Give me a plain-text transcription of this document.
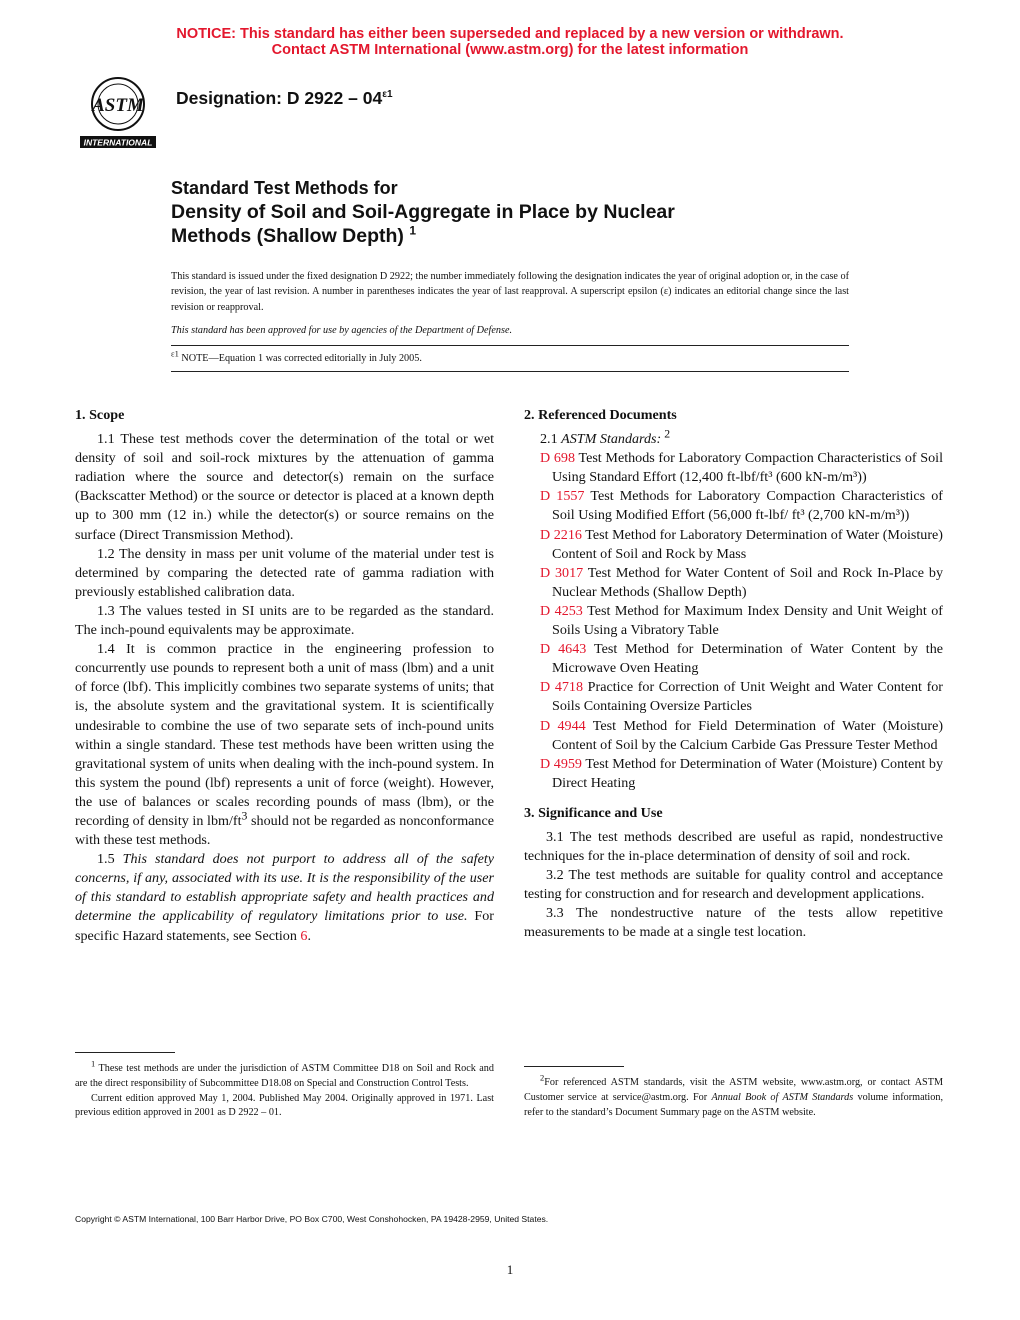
NOTICE: This standard has either been superseded and replaced by a new version or withdrawn.
Contact ASTM International (www.astm.org) for the latest information
ASTM
INTERNATIONAL
Designation: D $2922 - 04^{\varepsilon 1}$
Standard Test Methods for
Density of Soil and Soil-Aggregate in Place by Nuclear
Methods (Shallow Depth) $^1$
This standard is issued under the fixed designation D 2922; the number immediately following the designation indicates the year of original adoption or, in the case of revision, the year of last revision. A number in parentheses indicates the year of last reapproval. A superscript epsilon (ε) indicates an editorial change since the last revision or reapproval.
This standard has been approved for use by agencies of the Department of Defense.
$^{\varepsilon 1}$ NOTE—Equation 1 was corrected editorially in July 2005.

1. Scope

1.1 These test methods cover the determination of the total or wet density of soil and soil-rock mixtures by the attenuation of gamma radiation where the source and detector(s) remain on the surface (Backscatter Method) or the source or detector is placed at a known depth up to 300 mm (12 in.) while the detector(s) or source remains on the surface (Direct Transmission Method).

1.2 The density in mass per unit volume of the material under test is determined by comparing the detected rate of gamma radiation with previously established calibration data.

1.3 The values tested in SI units are to be regarded as the standard. The inch-pound equivalents may be approximate.

1.4 It is common practice in the engineering profession to concurrently use pounds to represent both a unit of mass (lbm) and a unit of force (lbf). This implicitly combines two separate systems of units; that is, the absolute system and the gravitational system. It is scientifically undesirable to combine the use of two separate sets of inch-pound units within a single standard. These test methods have been written using the gravitational system of units when dealing with the inch-pound system. In this system the pound (lbf) represents a unit of force (weight). However, the use of balances or scales recording pounds of mass (lbm), or the recording of density in lbm/$ft^3$ should not be regarded as nonconformance with these test methods.

1.5 This standard does not purport to address all of the safety concerns, if any, associated with its use. It is the responsibility of the user of this standard to establish appropriate safety and health practices and determine the applicability of regulatory limitations prior to use. For specific Hazard statements, see Section 6.

2. Referenced Documents

2.1 ASTM Standards: $^2$

D 698 Test Methods for Laboratory Compaction Characteristics of Soil Using Standard Effort (12,400 ft-lbf/ft³ (600 kN-m/m³))

D 1557 Test Methods for Laboratory Compaction Characteristics of Soil Using Modified Effort (56,000 ft-lbf/ ft³ (2,700 kN-m/m³))

D 2216 Test Method for Laboratory Determination of Water (Moisture) Content of Soil and Rock by Mass

D 3017 Test Method for Water Content of Soil and Rock In-Place by Nuclear Methods (Shallow Depth)

D 4253 Test Method for Maximum Index Density and Unit Weight of Soils Using a Vibratory Table

D 4643 Test Method for Determination of Water Content by the Microwave Oven Heating

D 4718 Practice for Correction of Unit Weight and Water Content for Soils Containing Oversize Particles

D 4944 Test Method for Field Determination of Water (Moisture) Content of Soil by the Calcium Carbide Gas Pressure Tester Method

D 4959 Test Method for Determination of Water (Moisture) Content by Direct Heating

3. Significance and Use

3.1 The test methods described are useful as rapid, nondestructive techniques for the in-place determination of density of soil and rock.

3.2 The test methods are suitable for quality control and acceptance testing for construction and for research and development applications.

3.3 The nondestructive nature of the tests allow repetitive measurements to be made at a single test location.

$^1$ These test methods are under the jurisdiction of ASTM Committee D18 on Soil and Rock and are the direct responsibility of Subcommittee D18.08 on Special and Construction Control Tests.
Current edition approved May 1, 2004. Published May 2004. Originally approved in 1971. Last previous edition approved in 2001 as D 2922 – 01.
$^2$For referenced ASTM standards, visit the ASTM website, www.astm.org, or contact ASTM Customer service at service@astm.org. For Annual Book of ASTM Standards volume information, refer to the standard’s Document Summary page on the ASTM website.
Copyright © ASTM International, 100 Barr Harbor Drive, PO Box C700, West Conshohocken, PA 19428-2959, United States.
1
